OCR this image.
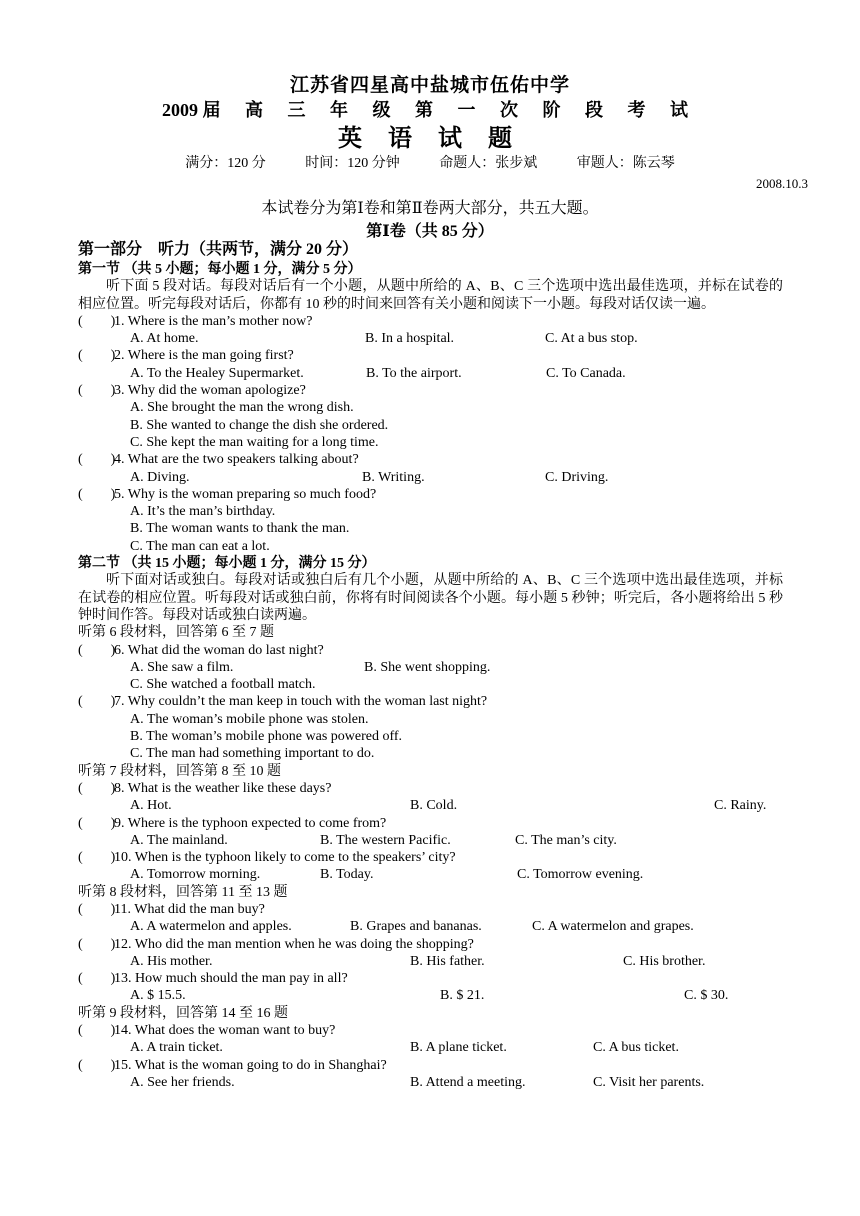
江苏省四星高中盐城市伍佑中学
2009 届 高 三 年 级 第 一 次 阶 段 考 试
英 语 试 题
满分：120 分	时间：120 分钟	命题人：张步斌	审题人：陈云琴
2008.10.3
本试卷分为第Ⅰ卷和第Ⅱ卷两大部分，共五大题。
第Ⅰ卷（共 85 分）
第一部分　听力（共两节，满分 20 分）
第一节 （共 5 小题；每小题 1 分，满分 5 分）
听下面 5 段对话。每段对话后有一个小题，从题中所给的 A、B、C 三个选项中选出最佳选项，并标在试卷的相应位置。听完每段对话后，你都有 10 秒的时间来回答有关小题和阅读下一小题。每段对话仅读一遍。
(　　)1. Where is the man’s mother now?
A. At home.	B. In a hospital.	C. At a bus stop.
(　　)2. Where is the man going first?
A. To the Healey Supermarket.	B. To the airport.	C. To Canada.
(　　)3. Why did the woman apologize?
A. She brought the man the wrong dish.
B. She wanted to change the dish she ordered.
C. She kept the man waiting for a long time.
(　　)4. What are the two speakers talking about?
A. Diving.	B. Writing.	C. Driving.
(　　)5. Why is the woman preparing so much food?
A. It’s the man’s birthday.
B. The woman wants to thank the man.
C. The man can eat a lot.
第二节 （共 15 小题；每小题 1 分，满分 15 分）
听下面对话或独白。每段对话或独白后有几个小题，从题中所给的 A、B、C 三个选项中选出最佳选项，并标在试卷的相应位置。听每段对话或独白前，你将有时间阅读各个小题。每小题 5 秒钟；听完后，各小题将给出 5 秒钟时间作答。每段对话或独白读两遍。
听第 6 段材料，回答第 6 至 7 题
(　　)6. What did the woman do last night?
A. She saw a film.	B. She went shopping.
C. She watched a football match.
(　　)7. Why couldn’t the man keep in touch with the woman last night?
A. The woman’s mobile phone was stolen.
B. The woman’s mobile phone was powered off.
C. The man had something important to do.
听第 7 段材料，回答第 8 至 10 题
(　　)8. What is the weather like these days?
A. Hot.	B. Cold.	C. Rainy.
(　　)9. Where is the typhoon expected to come from?
A. The mainland.	B. The western Pacific.	C. The man’s city.
(　　)10. When is the typhoon likely to come to the speakers’ city?
A. Tomorrow morning.	B. Today.	C. Tomorrow evening.
听第 8 段材料，回答第 11 至 13 题
(　　)11. What did the man buy?
A. A watermelon and apples.	B. Grapes and bananas.	C. A watermelon and grapes.
(　　)12. Who did the man mention when he was doing the shopping?
A. His mother.	B. His father.	C. His brother.
(　　)13. How much should the man pay in all?
A. $ 15.5.	B. $ 21.	C. $ 30.
听第 9 段材料，回答第 14 至 16 题
(　　)14. What does the woman want to buy?
A. A train ticket.	B. A plane ticket.	C. A bus ticket.
(　　)15. What is the woman going to do in Shanghai?
A. See her friends.	B. Attend a meeting.	C. Visit her parents.
